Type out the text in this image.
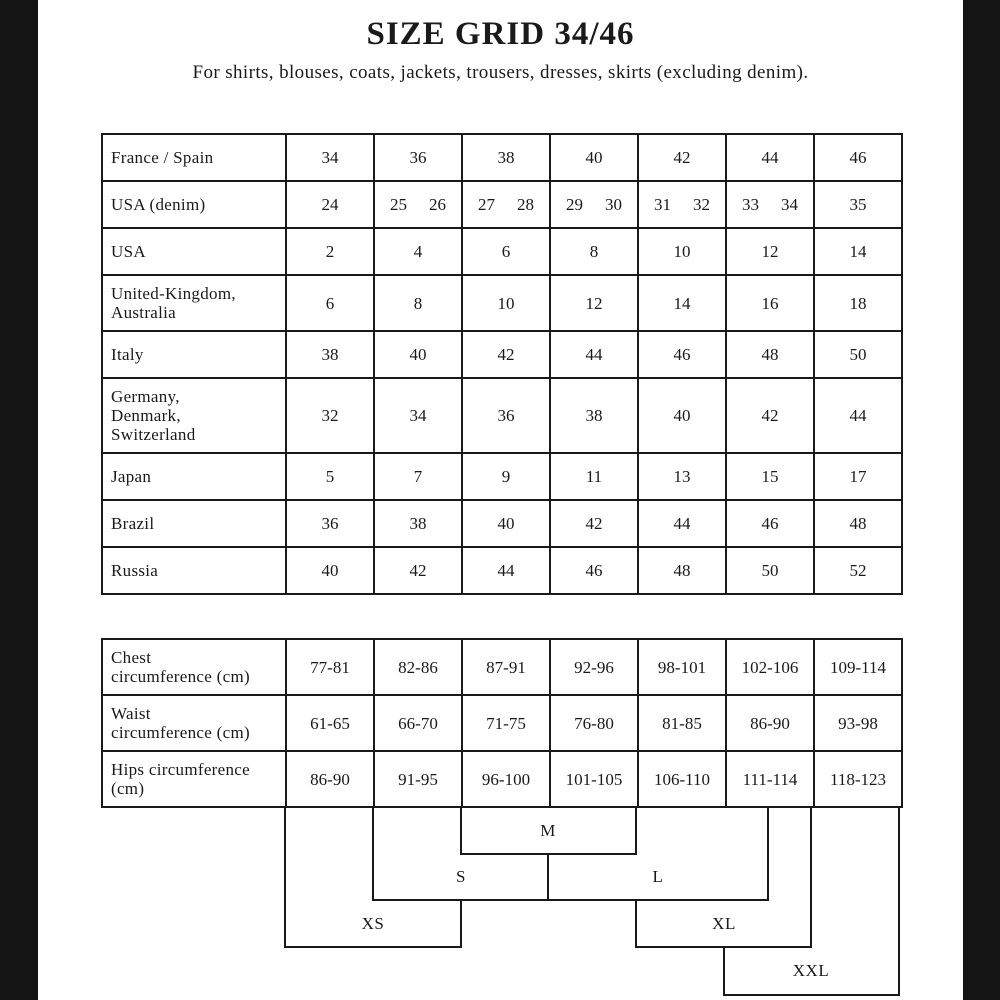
SIZE GRID 34/46
For shirts, blouses, coats, jackets, trousers, dresses, skirts (excluding denim).
France / Spain	34	36	38	40	42	44	46

USA (denim)	24	25 26	27 28	29 30	31 32	33 34	35

USA	2	4	6	8	10	12	14

United-Kingdom,
Australia	6	8	10	12	14	16	18

Italy	38	40	42	44	46	48	50

Germany,
Denmark,
Switzerland	32	34	36	38	40	42	44

Japan	5	7	9	11	13	15	17

Brazil	36	38	40	42	44	46	48

Russia	40	42	44	46	48	50	52
Chest
circumference (cm)	77-81	82-86	87-91	92-96	98-101	102-106	109-114

Waist
circumference (cm)	61-65	66-70	71-75	76-80	81-85	86-90	93-98

Hips circumference
(cm)	86-90	91-95	96-100	101-105	106-110	111-114	118-123
M
S	L
XS	XL
XXL
